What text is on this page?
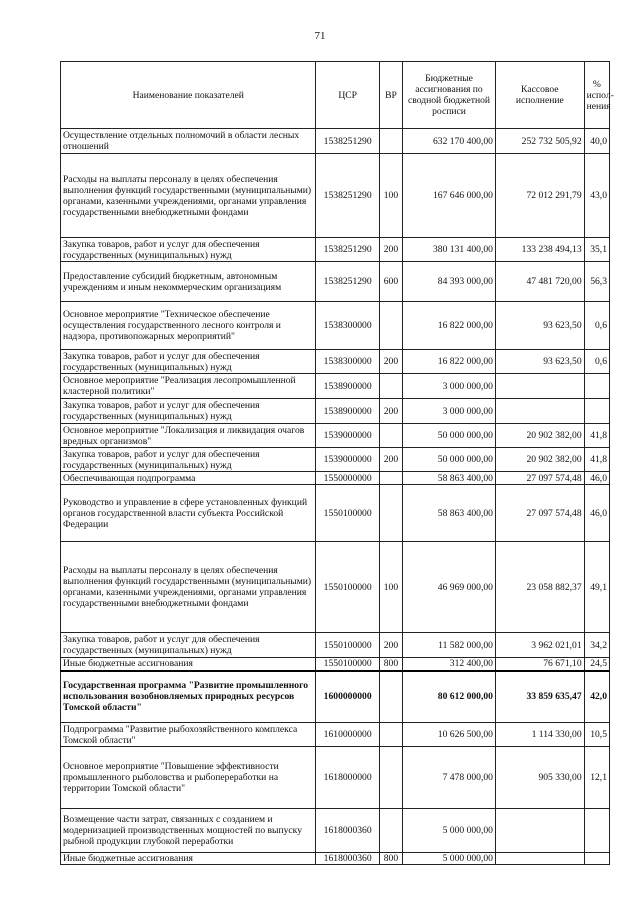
71
Наименование показателей	ЦСР	ВР	Бюджетные ассигнования по сводной бюджетной росписи	Кассовое исполнение	% испол-нения
Осуществление отдельных полномочий в области лесных отношений	1538251290		632 170 400,00	252 732 505,92	40,0
Расходы на выплаты персоналу в целях обеспечения выполнения функций государственными (муниципальными) органами, казенными учреждениями, органами управления государственными внебюджетными фондами	1538251290	100	167 646 000,00	72 012 291,79	43,0
Закупка товаров, работ и услуг для обеспечения государственных (муниципальных) нужд	1538251290	200	380 131 400,00	133 238 494,13	35,1
Предоставление субсидий бюджетным, автономным учреждениям и иным некоммерческим организациям	1538251290	600	84 393 000,00	47 481 720,00	56,3
Основное мероприятие "Техническое обеспечение осуществления государственного лесного контроля и надзора, противопожарных мероприятий"	1538300000		16 822 000,00	93 623,50	0,6
Закупка товаров, работ и услуг для обеспечения государственных (муниципальных) нужд	1538300000	200	16 822 000,00	93 623,50	0,6
Основное мероприятие "Реализация лесопромышленной кластерной политики"	1538900000		3 000 000,00		
Закупка товаров, работ и услуг для обеспечения государственных (муниципальных) нужд	1538900000	200	3 000 000,00		
Основное мероприятие "Локализация и ликвидация очагов вредных организмов"	1539000000		50 000 000,00	20 902 382,00	41,8
Закупка товаров, работ и услуг для обеспечения государственных (муниципальных) нужд	1539000000	200	50 000 000,00	20 902 382,00	41,8
Обеспечивающая подпрограмма	1550000000		58 863 400,00	27 097 574,48	46,0
Руководство и управление в сфере установленных функций органов государственной власти субъекта Российской Федерации	1550100000		58 863 400,00	27 097 574,48	46,0
Расходы на выплаты персоналу в целях обеспечения выполнения функций государственными (муниципальными) органами, казенными учреждениями, органами управления государственными внебюджетными фондами	1550100000	100	46 969 000,00	23 058 882,37	49,1
Закупка товаров, работ и услуг для обеспечения государственных (муниципальных) нужд	1550100000	200	11 582 000,00	3 962 021,01	34,2
Иные бюджетные ассигнования	1550100000	800	312 400,00	76 671,10	24,5
Государственная программа "Развитие промышленного использования возобновляемых природных ресурсов Томской области"	1600000000		80 612 000,00	33 859 635,47	42,0
Подпрограмма "Развитие рыбохозяйственного комплекса Томской области"	1610000000		10 626 500,00	1 114 330,00	10,5
Основное мероприятие "Повышение эффективности промышленного рыболовства и рыбопереработки на территории Томской области"	1618000000		7 478 000,00	905 330,00	12,1
Возмещение части затрат, связанных с созданием и модернизацией производственных мощностей по выпуску рыбной продукции глубокой переработки	1618000360		5 000 000,00		
Иные бюджетные ассигнования	1618000360	800	5 000 000,00		
